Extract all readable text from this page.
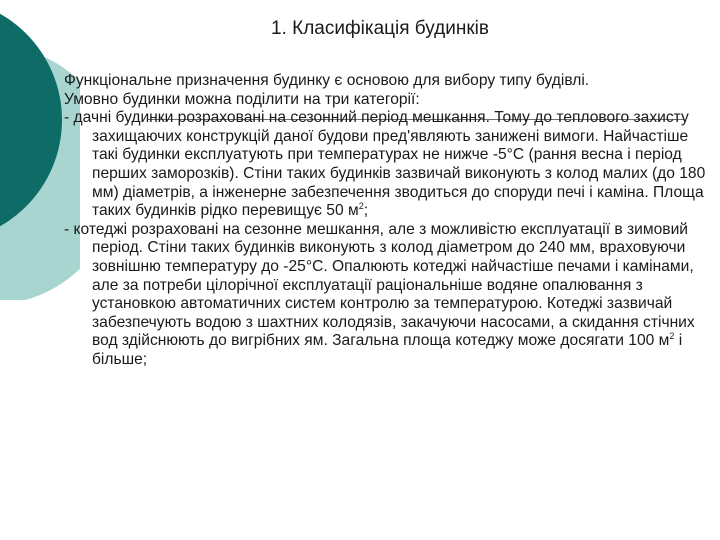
1. Класифікація будинків

Функціональне призначення будинку є основою для вибору типу будівлі.

Умовно будинки можна поділити на три категорії:

- дачні будинки розраховані на сезонний період мешкання. Тому до теплового захисту захищаючих конструкцій даної будови пред'являють занижені вимоги. Найчастіше такі будинки експлуатують при температурах не нижче -5°С (рання весна і період перших заморозків). Стіни таких будинків зазвичай виконують з колод малих (до 180 мм) діаметрів, а інженерне забезпечення зводиться до споруди печі і каміна. Площа таких будинків рідко перевищує 50 $м^2$;

- котеджі розраховані на сезонне мешкання, але з можливістю експлуатації в зимовий період. Стіни таких будинків виконують з колод діаметром до 240 мм, враховуючи зовнішню температуру до -25°С. Опалюють котеджі найчастіше печами і камінами, але за потреби цілорічної експлуатації раціональніше водяне опалювання з установкою автоматичних систем контролю за температурою. Котеджі зазвичай забезпечують водою з шахтних колодязів, закачуючи насосами, а скидання стічних вод здійснюють до вигрібних ям. Загальна площа котеджу може досягати 100 $м^2$ і більше;
